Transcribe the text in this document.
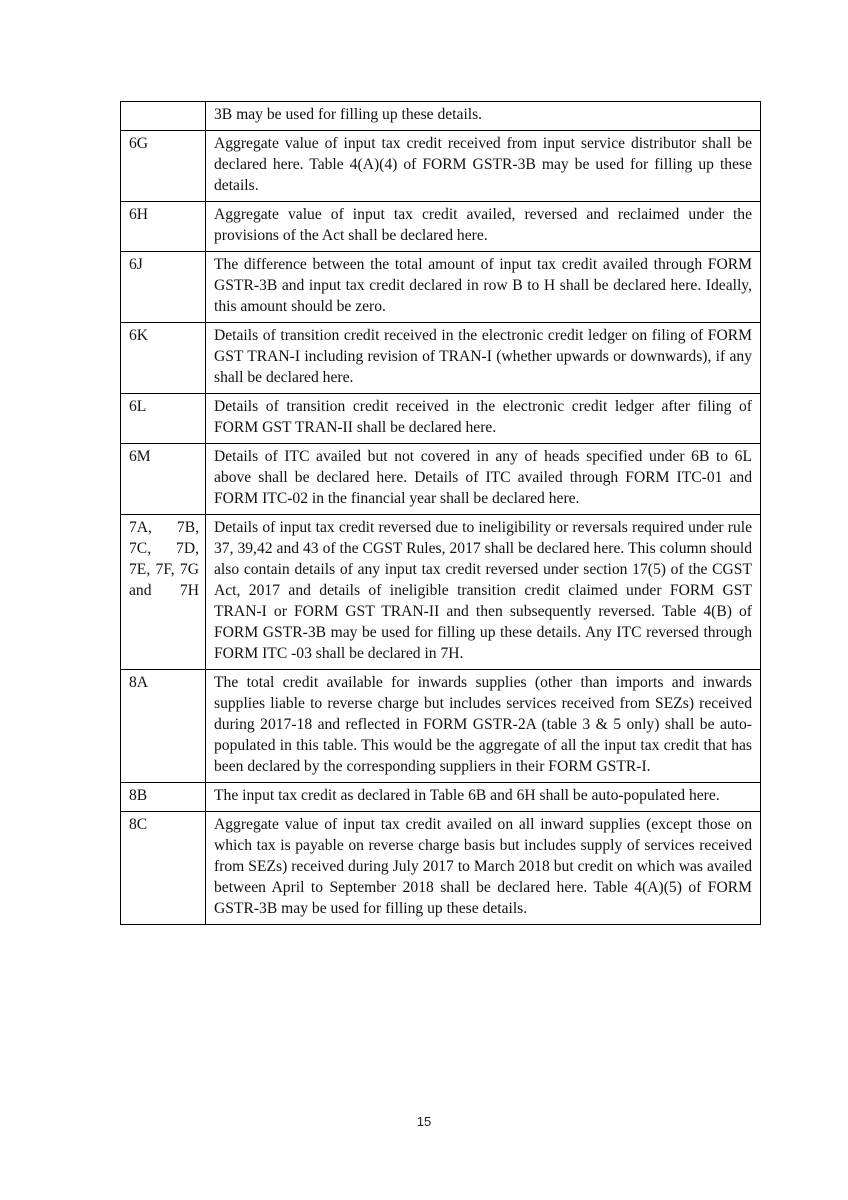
	3B may be used for filling up these details.
6G	Aggregate value of input tax credit received from input service distributor shall be declared here. Table 4(A)(4) of FORM GSTR-3B may be used for filling up these details.
6H	Aggregate value of input tax credit availed, reversed and reclaimed under the provisions of the Act shall be declared here.
6J	The difference between the total amount of input tax credit availed through FORM GSTR-3B and input tax credit declared in row B to H shall be declared here. Ideally, this amount should be zero.
6K	Details of transition credit received in the electronic credit ledger on filing of FORM GST TRAN-I including revision of TRAN-I (whether upwards or downwards), if any shall be declared here.
6L	Details of transition credit received in the electronic credit ledger after filing of FORM GST TRAN-II shall be declared here.
6M	Details of ITC availed but not covered in any of heads specified under 6B to 6L above shall be declared here. Details of ITC availed through FORM ITC-01 and FORM ITC-02 in the financial year shall be declared here.
7A, 7B, 7C, 7D, 7E, 7F, 7G and 7H	Details of input tax credit reversed due to ineligibility or reversals required under rule 37, 39,42 and 43 of the CGST Rules, 2017 shall be declared here. This column should also contain details of any input tax credit reversed under section 17(5) of the CGST Act, 2017 and details of ineligible transition credit claimed under FORM GST TRAN-I or FORM GST TRAN-II and then subsequently reversed. Table 4(B) of FORM GSTR-3B may be used for filling up these details. Any ITC reversed through FORM ITC -03 shall be declared in 7H.
8A	The total credit available for inwards supplies (other than imports and inwards supplies liable to reverse charge but includes services received from SEZs) received during 2017-18 and reflected in FORM GSTR-2A (table 3 & 5 only) shall be auto-populated in this table. This would be the aggregate of all the input tax credit that has been declared by the corresponding suppliers in their FORM GSTR-I.
8B	The input tax credit as declared in Table 6B and 6H shall be auto-populated here.
8C	Aggregate value of input tax credit availed on all inward supplies (except those on which tax is payable on reverse charge basis but includes supply of services received from SEZs) received during July 2017 to March 2018 but credit on which was availed between April to September 2018 shall be declared here. Table 4(A)(5) of FORM GSTR-3B may be used for filling up these details.
15
